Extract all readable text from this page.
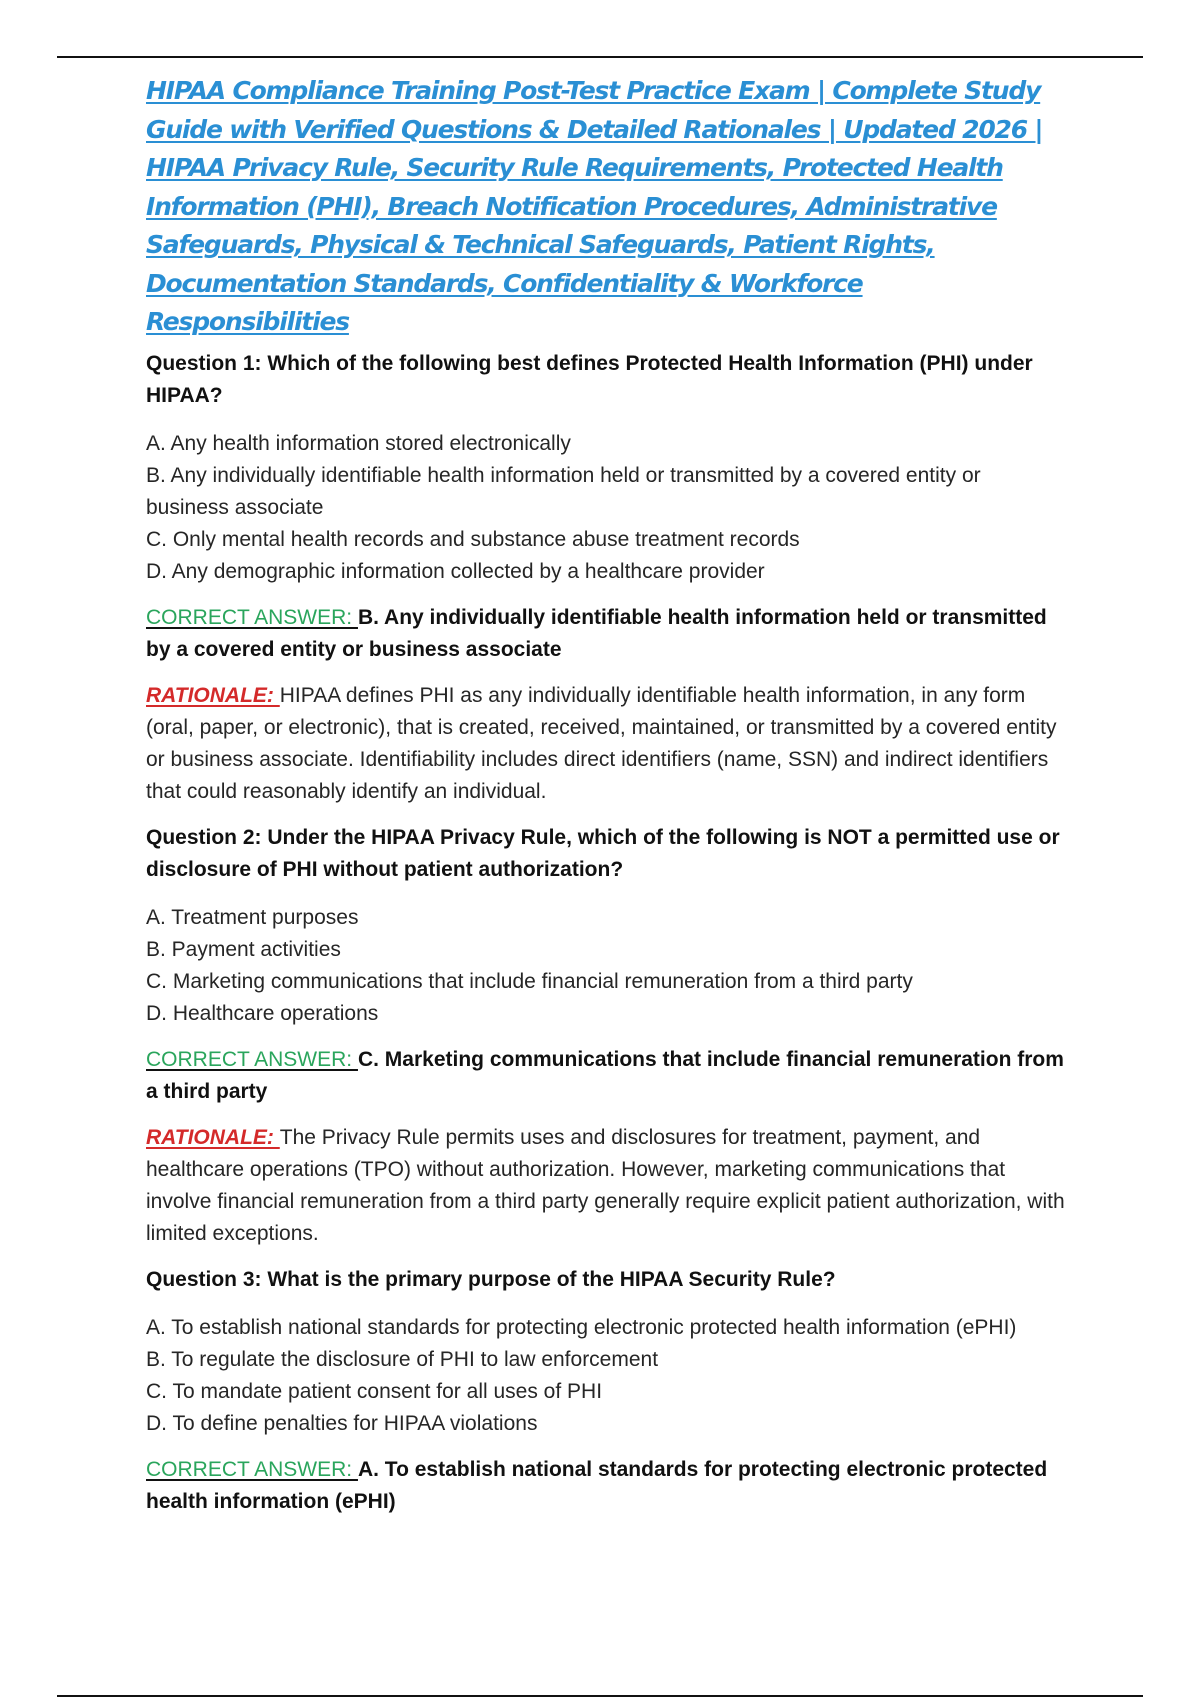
HIPAA Compliance Training Post-Test Practice Exam | Complete Study Guide with Verified Questions & Detailed Rationales | Updated 2026 | HIPAA Privacy Rule, Security Rule Requirements, Protected Health Information (PHI), Breach Notification Procedures, Administrative Safeguards, Physical & Technical Safeguards, Patient Rights, Documentation Standards, Confidentiality & Workforce Responsibilities

Question 1: Which of the following best defines Protected Health Information (PHI) under HIPAA?

A. Any health information stored electronically
B. Any individually identifiable health information held or transmitted by a covered entity or business associate
C. Only mental health records and substance abuse treatment records
D. Any demographic information collected by a healthcare provider

CORRECT ANSWER: B. Any individually identifiable health information held or transmitted by a covered entity or business associate

RATIONALE: HIPAA defines PHI as any individually identifiable health information, in any form (oral, paper, or electronic), that is created, received, maintained, or transmitted by a covered entity or business associate. Identifiability includes direct identifiers (name, SSN) and indirect identifiers that could reasonably identify an individual.

Question 2: Under the HIPAA Privacy Rule, which of the following is NOT a permitted use or disclosure of PHI without patient authorization?

A. Treatment purposes
B. Payment activities
C. Marketing communications that include financial remuneration from a third party
D. Healthcare operations

CORRECT ANSWER: C. Marketing communications that include financial remuneration from a third party

RATIONALE: The Privacy Rule permits uses and disclosures for treatment, payment, and healthcare operations (TPO) without authorization. However, marketing communications that involve financial remuneration from a third party generally require explicit patient authorization, with limited exceptions.

Question 3: What is the primary purpose of the HIPAA Security Rule?

A. To establish national standards for protecting electronic protected health information (ePHI)
B. To regulate the disclosure of PHI to law enforcement
C. To mandate patient consent for all uses of PHI
D. To define penalties for HIPAA violations

CORRECT ANSWER: A. To establish national standards for protecting electronic protected health information (ePHI)
